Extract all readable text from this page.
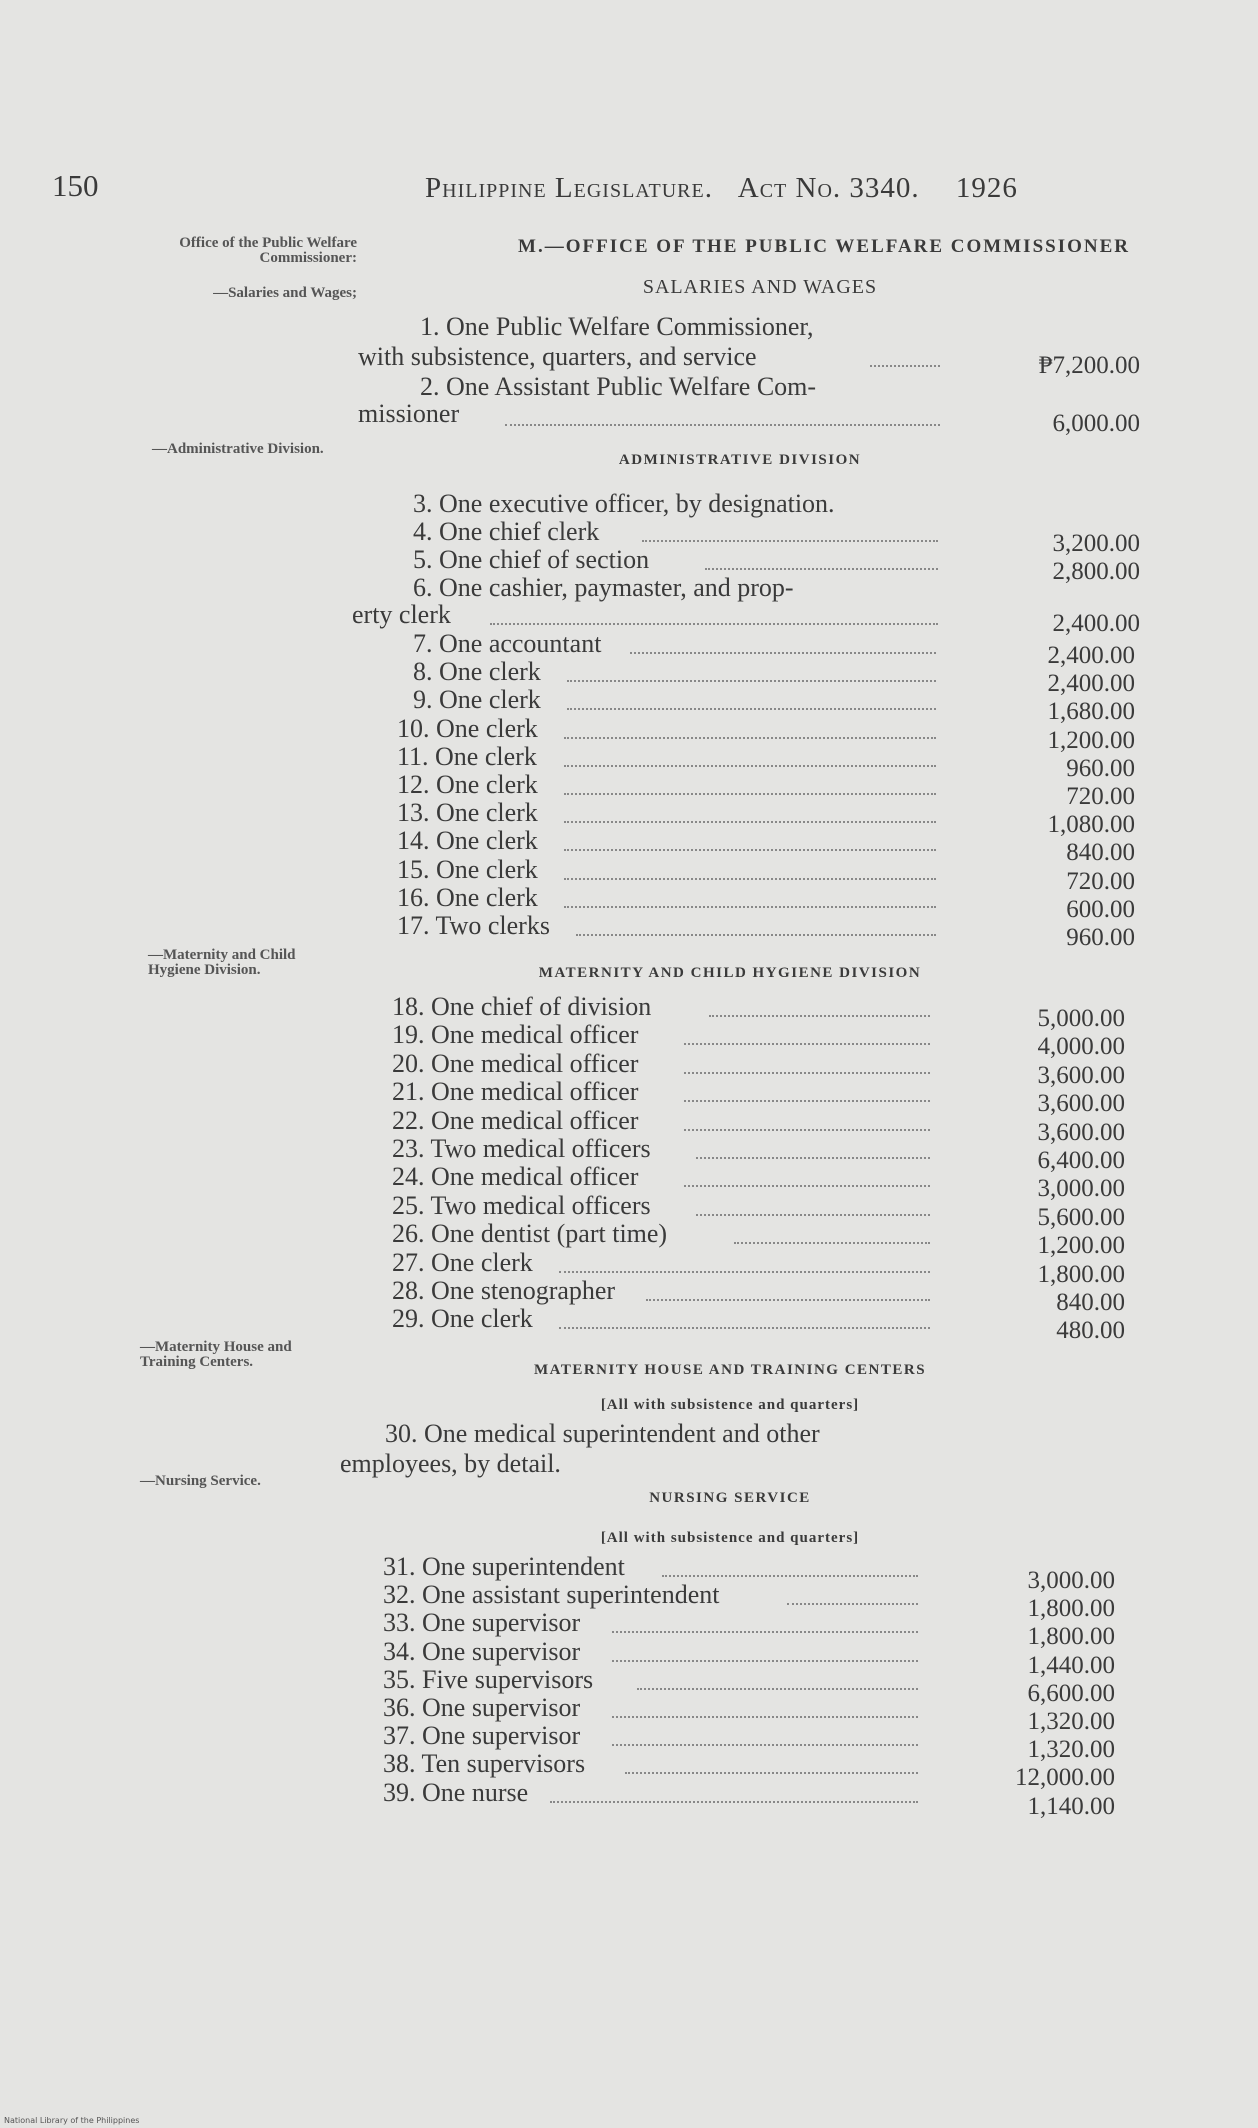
150	Philippine Legislature. Act No. 3340. 1926
Office of the Public Welfare Commissioner:
—Salaries and Wages;
—Administrative Division.
—Maternity and Child Hygiene Division.
—Maternity House and Training Centers.
—Nursing Service.
M.—OFFICE OF THE PUBLIC WELFARE COMMISSIONER
SALARIES AND WAGES
1. One Public Welfare Commissioner,
with subsistence, quarters, and service	₱7,200.00
2. One Assistant Public Welfare Com-
missioner	6,000.00
ADMINISTRATIVE DIVISION
3. One executive officer, by designation.
4. One chief clerk	3,200.00
5. One chief of section	2,800.00
6. One cashier, paymaster, and prop-
erty clerk	2,400.00
7. One accountant	2,400.00
8. One clerk	2,400.00
9. One clerk	1,680.00
10. One clerk	1,200.00
11. One clerk	960.00
12. One clerk	720.00
13. One clerk	1,080.00
14. One clerk	840.00
15. One clerk	720.00
16. One clerk	600.00
17. Two clerks	960.00
MATERNITY AND CHILD HYGIENE DIVISION
18. One chief of division	5,000.00
19. One medical officer	4,000.00
20. One medical officer	3,600.00
21. One medical officer	3,600.00
22. One medical officer	3,600.00
23. Two medical officers	6,400.00
24. One medical officer	3,000.00
25. Two medical officers	5,600.00
26. One dentist (part time)	1,200.00
27. One clerk	1,800.00
28. One stenographer	840.00
29. One clerk	480.00
MATERNITY HOUSE AND TRAINING CENTERS
[All with subsistence and quarters]
30. One medical superintendent and other
employees, by detail.
NURSING SERVICE
[All with subsistence and quarters]
31. One superintendent	3,000.00
32. One assistant superintendent	1,800.00
33. One supervisor	1,800.00
34. One supervisor	1,440.00
35. Five supervisors	6,600.00
36. One supervisor	1,320.00
37. One supervisor	1,320.00
38. Ten supervisors	12,000.00
39. One nurse	1,140.00
National Library of the Philippines
